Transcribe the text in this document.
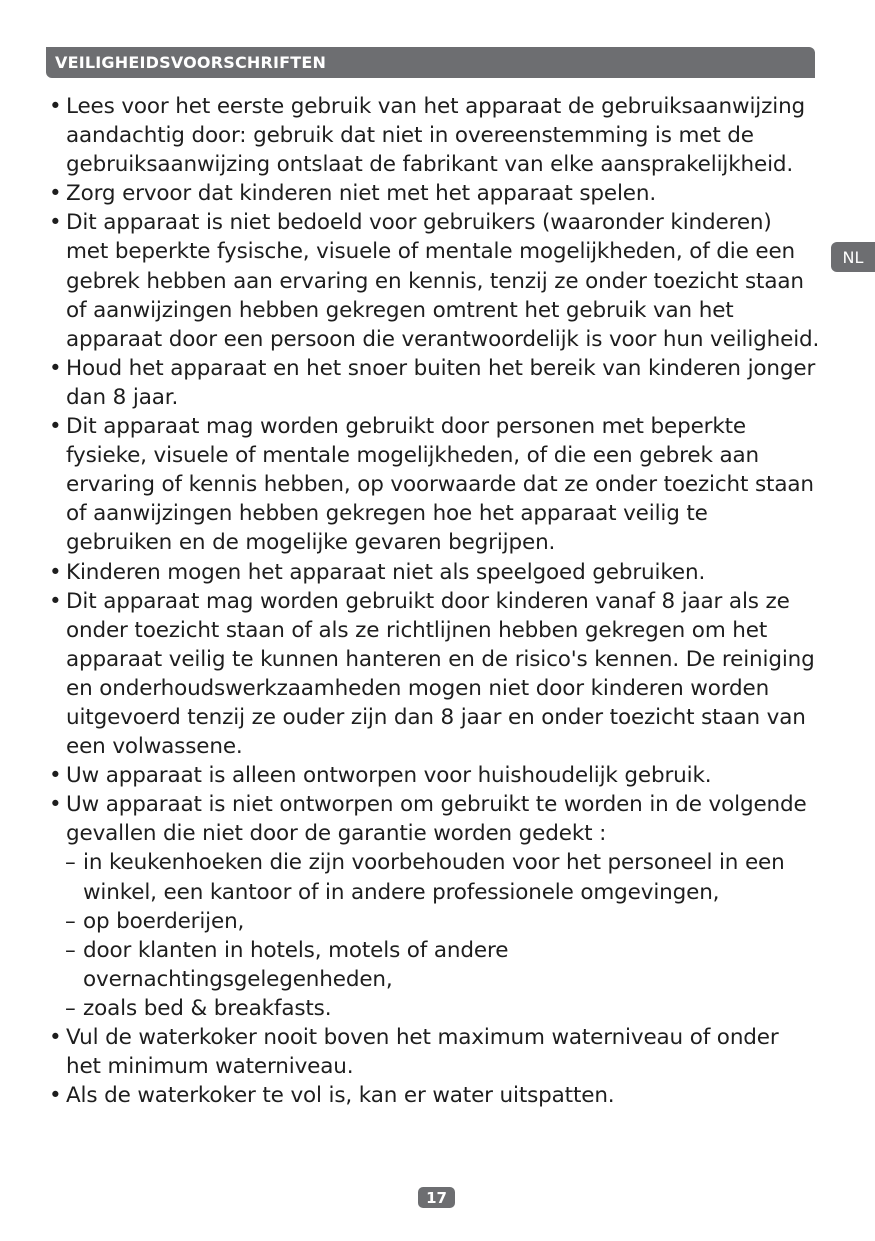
VEILIGHEIDSVOORSCHRIFTEN
NL
• Lees voor het eerste gebruik van het apparaat de gebruiksaanwijzing aandachtig door: gebruik dat niet in overeenstemming is met de gebruiksaanwijzing ontslaat de fabrikant van elke aansprakelijkheid.
• Zorg ervoor dat kinderen niet met het apparaat spelen.
• Dit apparaat is niet bedoeld voor gebruikers (waaronder kinderen) met beperkte fysische, visuele of mentale mogelijkheden, of die een gebrek hebben aan ervaring en kennis, tenzij ze onder toezicht staan of aanwijzingen hebben gekregen omtrent het gebruik van het apparaat door een persoon die verantwoordelijk is voor hun veiligheid.
• Houd het apparaat en het snoer buiten het bereik van kinderen jonger dan 8 jaar.
• Dit apparaat mag worden gebruikt door personen met beperkte fysieke, visuele of mentale mogelijkheden, of die een gebrek aan ervaring of kennis hebben, op voorwaarde dat ze onder toezicht staan of aanwijzingen hebben gekregen hoe het apparaat veilig te gebruiken en de mogelijke gevaren begrijpen.
• Kinderen mogen het apparaat niet als speelgoed gebruiken.
• Dit apparaat mag worden gebruikt door kinderen vanaf 8 jaar als ze onder toezicht staan of als ze richtlijnen hebben gekregen om het apparaat veilig te kunnen hanteren en de risico's kennen. De reiniging en onderhoudswerkzaamheden mogen niet door kinderen worden uitgevoerd tenzij ze ouder zijn dan 8 jaar en onder toezicht staan van een volwassene.
• Uw apparaat is alleen ontworpen voor huishoudelijk gebruik.
• Uw apparaat is niet ontworpen om gebruikt te worden in de volgende gevallen die niet door de garantie worden gedekt :
– in keukenhoeken die zijn voorbehouden voor het personeel in een winkel, een kantoor of in andere professionele omgevingen,
– op boerderijen,
– door klanten in hotels, motels of andere overnachtingsgelegenheden,
– zoals bed & breakfasts.
• Vul de waterkoker nooit boven het maximum waterniveau of onder het minimum waterniveau.
• Als de waterkoker te vol is, kan er water uitspatten.
17
